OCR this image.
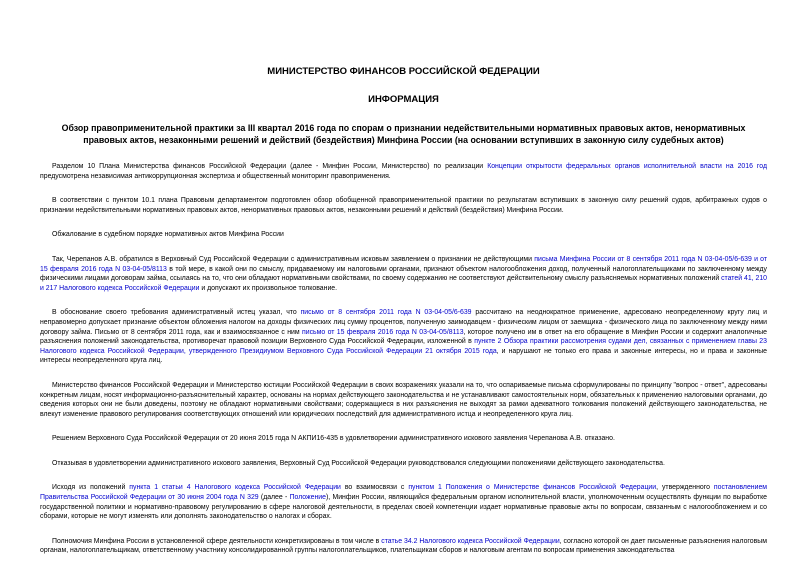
МИНИСТЕРСТВО ФИНАНСОВ РОССИЙСКОЙ ФЕДЕРАЦИИ

ИНФОРМАЦИЯ

Обзор правоприменительной практики за III квартал 2016 года по спорам о признании недействительными нормативных правовых актов, ненормативных правовых актов, незаконными решений и действий (бездействия) Минфина России (на основании вступивших в законную силу судебных актов)

Разделом 10 Плана Министерства финансов Российской Федерации (далее - Минфин России, Министерство) по реализации Концепции открытости федеральных органов исполнительной власти на 2016 год предусмотрена независимая антикоррупционная экспертиза и общественный мониторинг правоприменения.

В соответствии с пунктом 10.1 плана Правовым департаментом подготовлен обзор обобщенной правоприменительной практики по результатам вступивших в законную силу решений судов, арбитражных судов о признании недействительными нормативных правовых актов, ненормативных правовых актов, незаконными решений и действий (бездействия) Минфина России.

Обжалование в судебном порядке нормативных актов Минфина России

Так, Черепанов А.В. обратился в Верховный Суд Российской Федерации с административным исковым заявлением о признании не действующими письма Минфина России от 8 сентября 2011 года N 03-04-05/6-639 и от 15 февраля 2016 года N 03-04-05/8113 в той мере, в какой они по смыслу, придаваемому им налоговыми органами, признают объектом налогообложения доход, полученный налогоплательщиками по заключенному между физическими лицами договорам займа, ссылаясь на то, что они обладают нормативными свойствами, по своему содержанию не соответствуют действительному смыслу разъясняемых нормативных положений статей 41, 210 и 217 Налогового кодекса Российской Федерации и допускают их произвольное толкование.

В обоснование своего требования административный истец указал, что письмо от 8 сентября 2011 года N 03-04-05/6-639 рассчитано на неоднократное применение, адресовано неопределенному кругу лиц и неправомерно допускает признание объектом обложения налогом на доходы физических лиц сумму процентов, полученную заимодавцем - физическим лицом от заемщика - физического лица по заключенному между ними договору займа. Письмо от 8 сентября 2011 года, как и взаимосвязанное с ним письмо от 15 февраля 2016 года N 03-04-05/8113, которое получено им в ответ на его обращение в Минфин России и содержит аналогичные разъяснения положений законодательства, противоречат правовой позиции Верховного Суда Российской Федерации, изложенной в пункте 2 Обзора практики рассмотрения судами дел, связанных с применением главы 23 Налогового кодекса Российской Федерации, утвержденного Президиумом Верховного Суда Российской Федерации 21 октября 2015 года, и нарушают не только его права и законные интересы, но и права и законные интересы неопределенного круга лиц.

Министерство финансов Российской Федерации и Министерство юстиции Российской Федерации в своих возражениях указали на то, что оспариваемые письма сформулированы по принципу "вопрос - ответ", адресованы конкретным лицам, носят информационно-разъяснительный характер, основаны на нормах действующего законодательства и не устанавливают самостоятельных норм, обязательных к применению налоговыми органами, до сведения которых они не были доведены, поэтому не обладают нормативными свойствами; содержащиеся в них разъяснения не выходят за рамки адекватного толкования положений действующего законодательства, не влекут изменение правового регулирования соответствующих отношений или юридических последствий для административного истца и неопределенного круга лиц.

Решением Верховного Суда Российской Федерации от 20 июня 2015 года N АКПИ16-435 в удовлетворении административного искового заявления Черепанова А.В. отказано.

Отказывая в удовлетворении административного искового заявления, Верховный Суд Российской Федерации руководствовался следующими положениями действующего законодательства.

Исходя из положений пункта 1 статьи 4 Налогового кодекса Российской Федерации во взаимосвязи с пунктом 1 Положения о Министерстве финансов Российской Федерации, утвержденного постановлением Правительства Российской Федерации от 30 июня 2004 года N 329 (далее - Положение), Минфин России, являющийся федеральным органом исполнительной власти, уполномоченным осуществлять функции по выработке государственной политики и нормативно-правовому регулированию в сфере налоговой деятельности, в пределах своей компетенции издает нормативные правовые акты по вопросам, связанным с налогообложением и со сборами, которые не могут изменять или дополнять законодательство о налогах и сборах.

Полномочия Минфина России в установленной сфере деятельности конкретизированы в том числе в статье 34.2 Налогового кодекса Российской Федерации, согласно которой он дает письменные разъяснения налоговым органам, налогоплательщикам, ответственному участнику консолидированной группы налогоплательщиков, плательщикам сборов и налоговым агентам по вопросам применения законодательства
